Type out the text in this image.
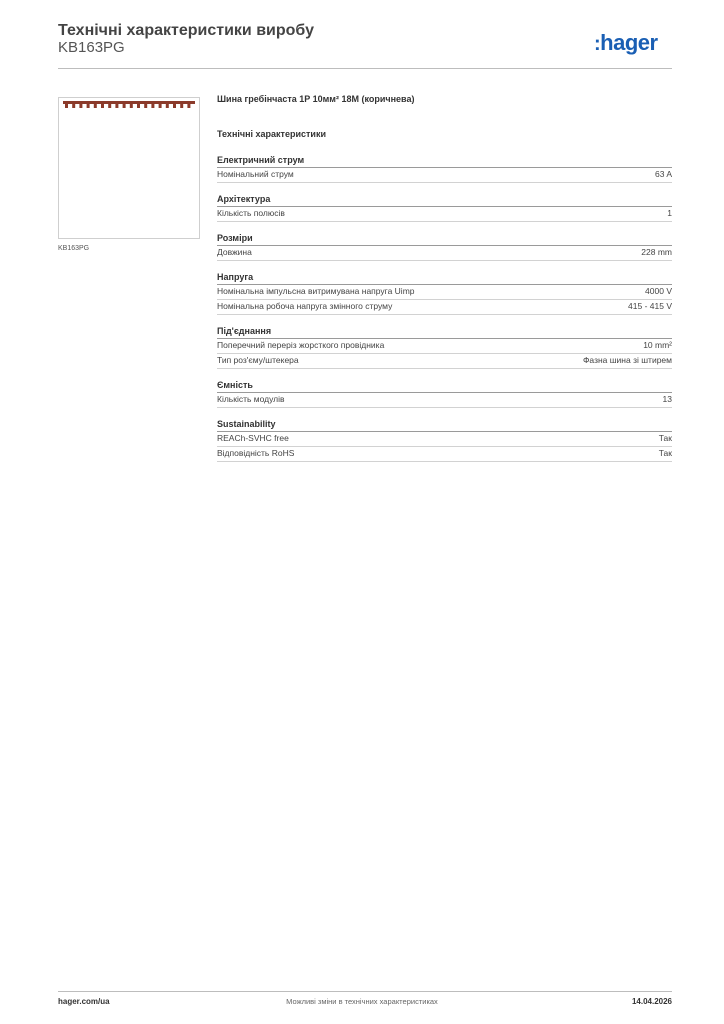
Технічні характеристики виробу
KB163PG	:hager
KB163PG
Шина гребінчаста 1P 10мм² 18M (коричнева)
Технічні характеристики
Електричний струм
Номінальний струм	63 A
Архітектура
Кількість полюсів	1
Розміри
Довжина	228 mm
Напруга
Номінальна імпульсна витримувана напруга Uimp	4000 V
Номінальна робоча напруга змінного струму	415 - 415 V
Під'єднання
Поперечний переріз жорсткого провідника	10 mm²
Тип роз'єму/штекера	Фазна шина зі штирем
Ємність
Кількість модулів	13
Sustainability
REACh-SVHC free	Так
Відповідність RoHS	Так
hager.com/ua	Можливі зміни в технічних характеристиках	14.04.2026
